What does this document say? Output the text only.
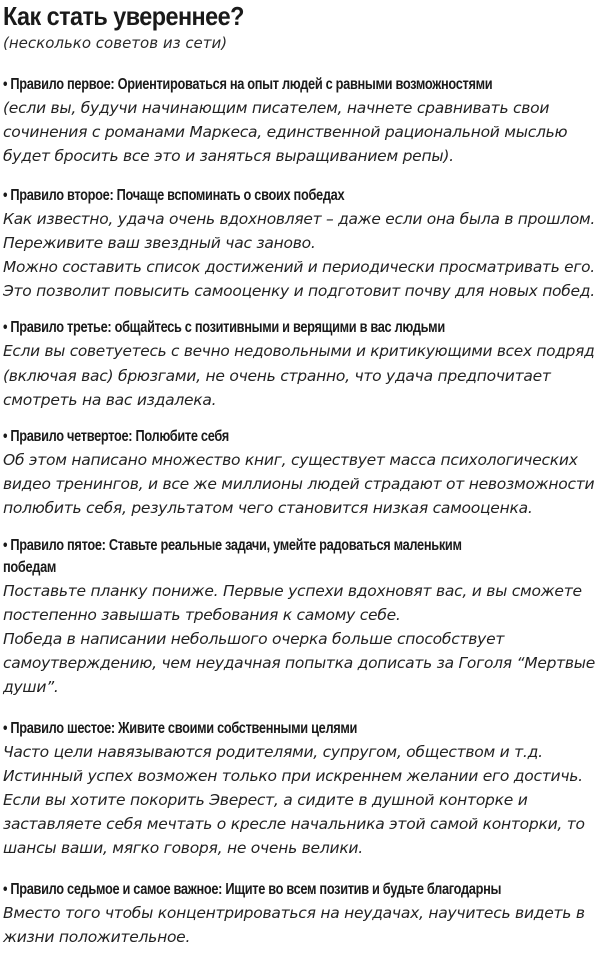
Как стать увереннее?

(несколько советов из сети)

• Правило первое: Ориентироваться на опыт людей с равными возможностями

(если вы, будучи начинающим писателем, начнете сравнивать свои
сочинения с романами Маркеса, единственной рациональной мыслью
будет бросить все это и заняться выращиванием репы).

• Правило второе: Почаще вспоминать о своих победах

Как известно, удача очень вдохновляет – даже если она была в прошлом.
Переживите ваш звездный час заново.
Можно составить список достижений и периодически просматривать его.
Это позволит повысить самооценку и подготовит почву для новых побед.

• Правило третье: общайтесь с позитивными и верящими в вас людьми

Если вы советуетесь с вечно недовольными и критикующими всех подряд
(включая вас) брюзгами, не очень странно, что удача предпочитает
смотреть на вас издалека.

• Правило четвертое: Полюбите себя

Об этом написано множество книг, существует масса психологических
видео тренингов, и все же миллионы людей страдают от невозможности
полюбить себя, результатом чего становится низкая самооценка.

• Правило пятое: Ставьте реальные задачи, умейте радоваться маленьким
победам

Поставьте планку пониже. Первые успехи вдохновят вас, и вы сможете
постепенно завышать требования к самому себе.
Победа в написании небольшого очерка больше способствует
самоутверждению, чем неудачная попытка дописать за Гоголя “Мертвые
души”.

• Правило шестое: Живите своими собственными целями

Часто цели навязываются родителями, супругом, обществом и т.д.
Истинный успех возможен только при искреннем желании его достичь.
Если вы хотите покорить Эверест, а сидите в душной конторке и
заставляете себя мечтать о кресле начальника этой самой конторки, то
шансы ваши, мягко говоря, не очень велики.

• Правило седьмое и самое важное: Ищите во всем позитив и будьте благодарны

Вместо того чтобы концентрироваться на неудачах, научитесь видеть в
жизни положительное.
